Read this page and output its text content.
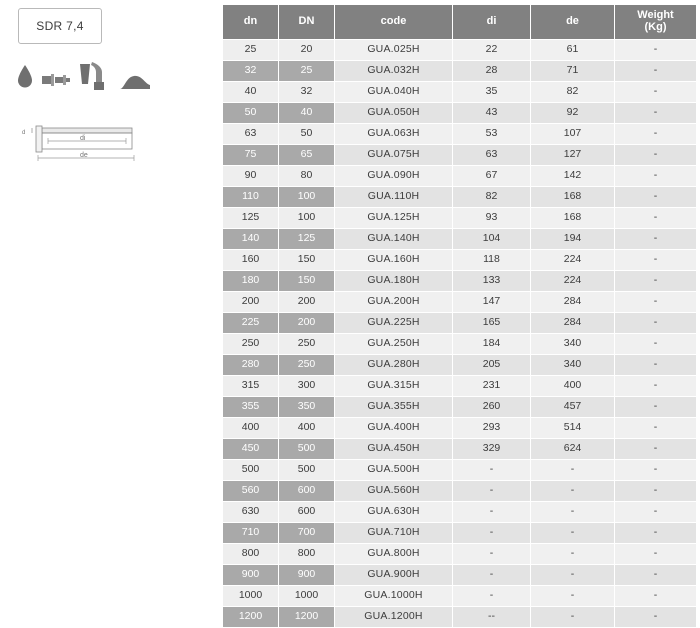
SDR 7,4
d
di
de
dn	DN	code	di	de	Weight
(Kg)

25	20	GUA.025H	22	61	-
32	25	GUA.032H	28	71	-
40	32	GUA.040H	35	82	-
50	40	GUA.050H	43	92	-
63	50	GUA.063H	53	107	-
75	65	GUA.075H	63	127	-
90	80	GUA.090H	67	142	-
110	100	GUA.110H	82	168	-
125	100	GUA.125H	93	168	-
140	125	GUA.140H	104	194	-
160	150	GUA.160H	118	224	-
180	150	GUA.180H	133	224	-
200	200	GUA.200H	147	284	-
225	200	GUA.225H	165	284	-
250	250	GUA.250H	184	340	-
280	250	GUA.280H	205	340	-
315	300	GUA.315H	231	400	-
355	350	GUA.355H	260	457	-
400	400	GUA.400H	293	514	-
450	500	GUA.450H	329	624	-
500	500	GUA.500H	-	-	-
560	600	GUA.560H	-	-	-
630	600	GUA.630H	-	-	-
710	700	GUA.710H	-	-	-
800	800	GUA.800H	-	-	-
900	900	GUA.900H	-	-	-
1000	1000	GUA.1000H	-	-	-
1200	1200	GUA.1200H	--	-	-
